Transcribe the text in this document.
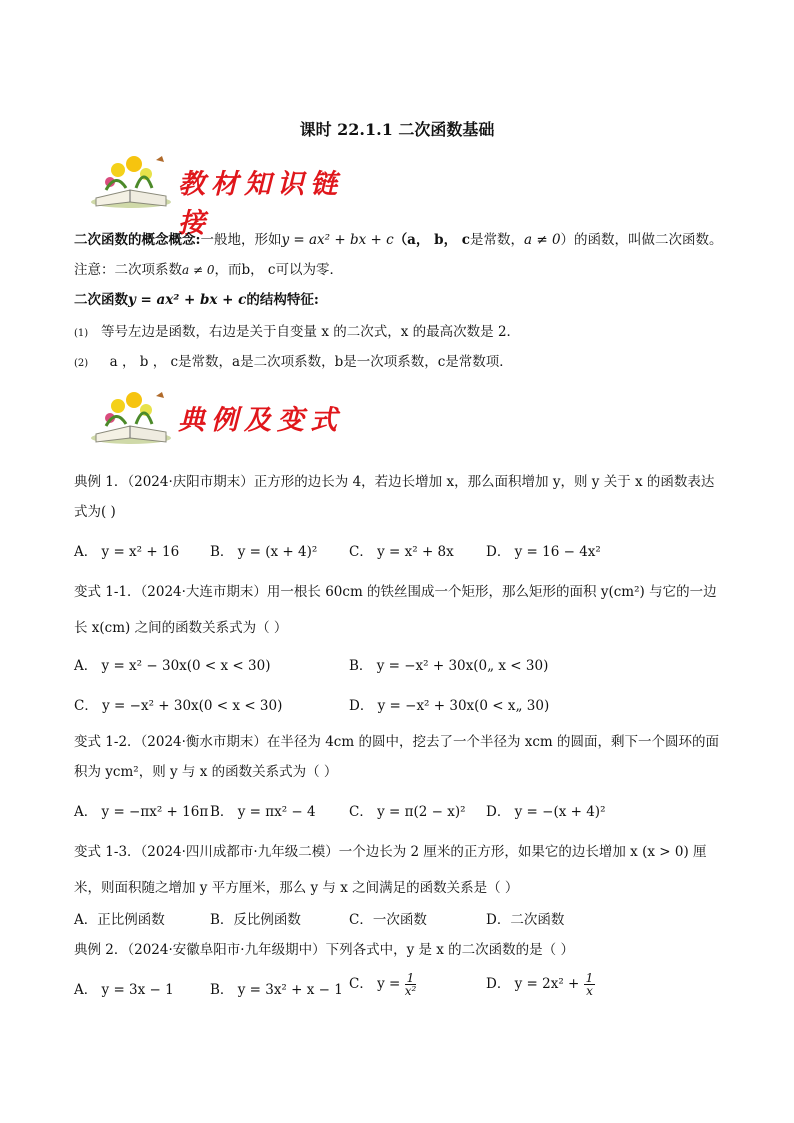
课时 22.1.1 二次函数基础
教材知识链接
二次函数的概念概念:一般地，形如y = ax² + bx + c（a， b， c是常数，a ≠ 0）的函数，叫做二次函数。
注意：二次项系数a ≠ 0，而b， c可以为零．
二次函数y = ax² + bx + c的结构特征:
(1) 等号左边是函数，右边是关于自变量 x 的二次式，x 的最高次数是 2．
(2) a ， b ， c是常数，a是二次项系数，b是一次项系数，c是常数项．
典例及变式
典例 1．（2024·庆阳市期末）正方形的边长为 4，若边长增加 x，那么面积增加 y，则 y 关于 x 的函数表达
式为( )
A． y = x² + 16 B． y = (x + 4)² C． y = x² + 8x D． y = 16 − 4x²
变式 1-1．（2024·大连市期末）用一根长 60cm 的铁丝围成一个矩形，那么矩形的面积 y(cm²) 与它的一边
长 x(cm) 之间的函数关系式为（ ）
A． y = x² − 30x(0 < x < 30)	B． y = −x² + 30x(0„ x < 30)
C． y = −x² + 30x(0 < x < 30)	D． y = −x² + 30x(0 < x„ 30)
变式 1-2．（2024·衡水市期末）在半径为 4cm 的圆中，挖去了一个半径为 xcm 的圆面，剩下一个圆环的面
积为 ycm²，则 y 与 x 的函数关系式为（ ）
A． y = −πx² + 16π B． y = πx² − 4 C． y = π(2 − x)² D． y = −(x + 4)²
变式 1-3．（2024·四川成都市·九年级二模）一个边长为 2 厘米的正方形，如果它的边长增加 x (x > 0) 厘
米，则面积随之增加 y 平方厘米，那么 y 与 x 之间满足的函数关系是（ ）
A．正比例函数	B．反比例函数	C．一次函数	D．二次函数
典例 2．（2024·安徽阜阳市·九年级期中）下列各式中，y 是 x 的二次函数的是（ ）
A． y = 3x − 1	B． y = 3x² + x − 1 C． $y = \frac{1}{\text{x²}}$	D． $y = 2x^2 + \frac{1}{x}$
